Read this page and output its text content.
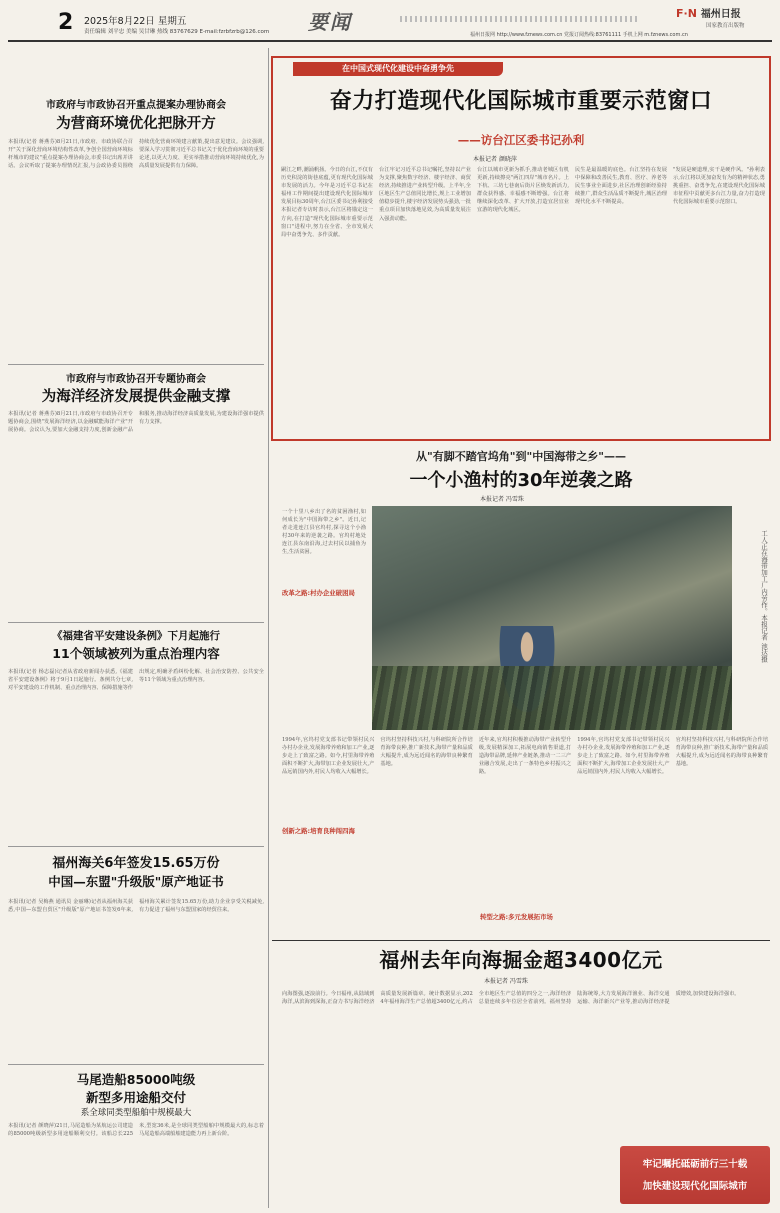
2 2025年8月22日 星期五
责任编辑 刘平忠 美编 吴甘琳 热线 83767629 E-mail:fzrbfzrb@126.com 要闻	F·N 福州日报
国家教育出版物
福州日报网 http://www.fznews.com.cn 党报订阅热线:83761111 手机上网 m.fznews.com.cn
市政府与市政协召开重点提案办理协商会
为营商环境优化把脉开方
本报讯(记者 蒋燕芬)8月21日,市政府、市政协联合召开"关于深化营商环境结构性改革,争创全国营商环境标杆城市的建议"重点提案办理协商会,市委书记出席并讲话。会议听取了提案办理情况汇报,与会政协委员围绕持续优化营商环境建言献策,提出意见建议。会议强调,要深入学习贯彻习近平总书记关于优化营商环境的重要论述,以更大力度、更实举措推动营商环境持续优化,为高质量发展提供有力保障。
市政府与市政协召开专题协商会
为海洋经济发展提供金融支撑
本报讯(记者 蒋燕芬)8月21日,市政府与市政协召开专题协商会,围绕"发展海洋经济,以金融赋能海洋产业"开展协商。会议认为,要加大金融支持力度,创新金融产品和服务,推动海洋经济高质量发展,为建设海洋强市提供有力支撑。
《福建省平安建设条例》下月起施行
11个领域被列为重点治理内容
本报讯(记者 杨志磊)记者从省政府新闻办获悉,《福建省平安建设条例》将于9月1日起施行。条例共分七章,对平安建设的工作机制、重点治理内容、保障措施等作出规定,明确矛盾纠纷化解、社会治安防控、公共安全等11个领域为重点治理内容。
福州海关6年签发15.65万份
中国—东盟"升级版"原产地证书
本报讯(记者 吴梅燕 通讯员 金丽琳)记者从福州海关获悉,中国—东盟自贸区"升级版"原产地证书签发6年来,福州海关累计签发15.65万份,助力企业享受关税减免,有力促进了福州与东盟国家的经贸往来。
马尾造船85000吨级
新型多用途船交付
系全球同类型船舶中规模最大
本报讯(记者 颜晓萍)21日,马尾造船为某航运公司建造的85000吨级新型多用途船顺利交付。该船总长225米,型宽36米,是全球同类型船舶中规模最大的,标志着马尾造船高端船舶建造能力再上新台阶。
在中国式现代化建设中奋勇争先
奋力打造现代化国际城市重要示范窗口
——访台江区委书记孙利
本报记者 颜晓萍
嗣江之畔,潮涌帆扬。今日的台江,不仅有历史积淀的街巷底蕴,更有现代化国际城市发展的活力。今年是习近平总书记在福州工作期间提出建设现代化国际城市发展目标30周年,台江区委书记孙利接受本报记者专访时表示,台江区将锚定这一方向,在打造"现代化国际城市重要示范窗口"进程中,努力在全省、全市发展大局中奋勇争先、多作贡献。
台江牢记习近平总书记嘱托,坚持以产业为支撑,聚焦数字经济、楼宇经济、商贸经济,持续推进产业转型升级。上半年,全区地区生产总值同比增长,规上工业增加值稳步提升,楼宇经济发展势头强劲,一批重点项目加快落地见效,为高质量发展注入强劲动能。
台江以城市更新为抓手,推动老城区有机更新,持续擦亮"两江四岸"城市名片。上下杭、三坊七巷南后街片区焕发新活力,群众获得感、幸福感不断增强。台江将继续深化改革、扩大开放,打造宜居宜业宜游的现代化城区。
民生是最温暖的底色。台江坚持在发展中保障和改善民生,教育、医疗、养老等民生事业全面进步,社区治理创新经验持续推广,群众生活品质不断提升,城区治理现代化水平不断提高。
"发展是硬道理,实干是硬作风。"孙利表示,台江将以更加奋发有为的精神状态,勇挑重担、奋勇争先,在建设现代化国际城市征程中贡献更多台江力量,奋力打造现代化国际城市重要示范窗口。
从"有脚不踏官坞角"到"中国海带之乡"——
一个小渔村的30年逆袭之路
本报记者 冯雪珠
一个十里八乡出了名的贫困渔村,如何成长为"中国海带之乡"。近日,记者走进连江县官坞村,探寻这个小渔村30年来的逆袭之路。官坞村地处连江县东南沿海,过去村民以捕鱼为生,生活贫困。
改革之路:村办企业破困局	工人正在海带加工厂内劳作。本报记者 池达摄
1994年,官坞村党支部书记带领村民兴办村办企业,发展海带养殖和加工产业,逐步走上了致富之路。如今,村里海带养殖面积不断扩大,海带加工企业发展壮大,产品远销国内外,村民人均收入大幅增长。
官坞村坚持科技兴村,与科研院所合作培育海带良种,推广新技术,海带产量和品质大幅提升,成为远近闻名的海带良种繁育基地。
近年来,官坞村积极推动海带产业转型升级,发展精深加工,拓展电商销售渠道,打造海带品牌,延伸产业链条,推动一二三产业融合发展,走出了一条特色乡村振兴之路。
1994年,官坞村党支部书记带领村民兴办村办企业,发展海带养殖和加工产业,逐步走上了致富之路。如今,村里海带养殖面积不断扩大,海带加工企业发展壮大,产品远销国内外,村民人均收入大幅增长。
官坞村坚持科技兴村,与科研院所合作培育海带良种,推广新技术,海带产量和品质大幅提升,成为远近闻名的海带良种繁育基地。
创新之路:培育良种闯四海
转型之路:多元发展拓市场
福州去年向海掘金超3400亿元
本报记者 冯雪珠
向海图强,逐浪前行。今日福州,从陆域到海洋,从滨海到深海,正奋力书写海洋经济高质量发展新篇章。统计数据显示,2024年福州海洋生产总值超3400亿元,约占全市地区生产总值的四分之一,海洋经济总量连续多年位居全省前列。福州坚持陆海统筹,大力发展海洋渔业、海洋交通运输、海洋新兴产业等,推动海洋经济提质增效,加快建设海洋强市。
牢记嘱托砥砺前行三十载
加快建设现代化国际城市
